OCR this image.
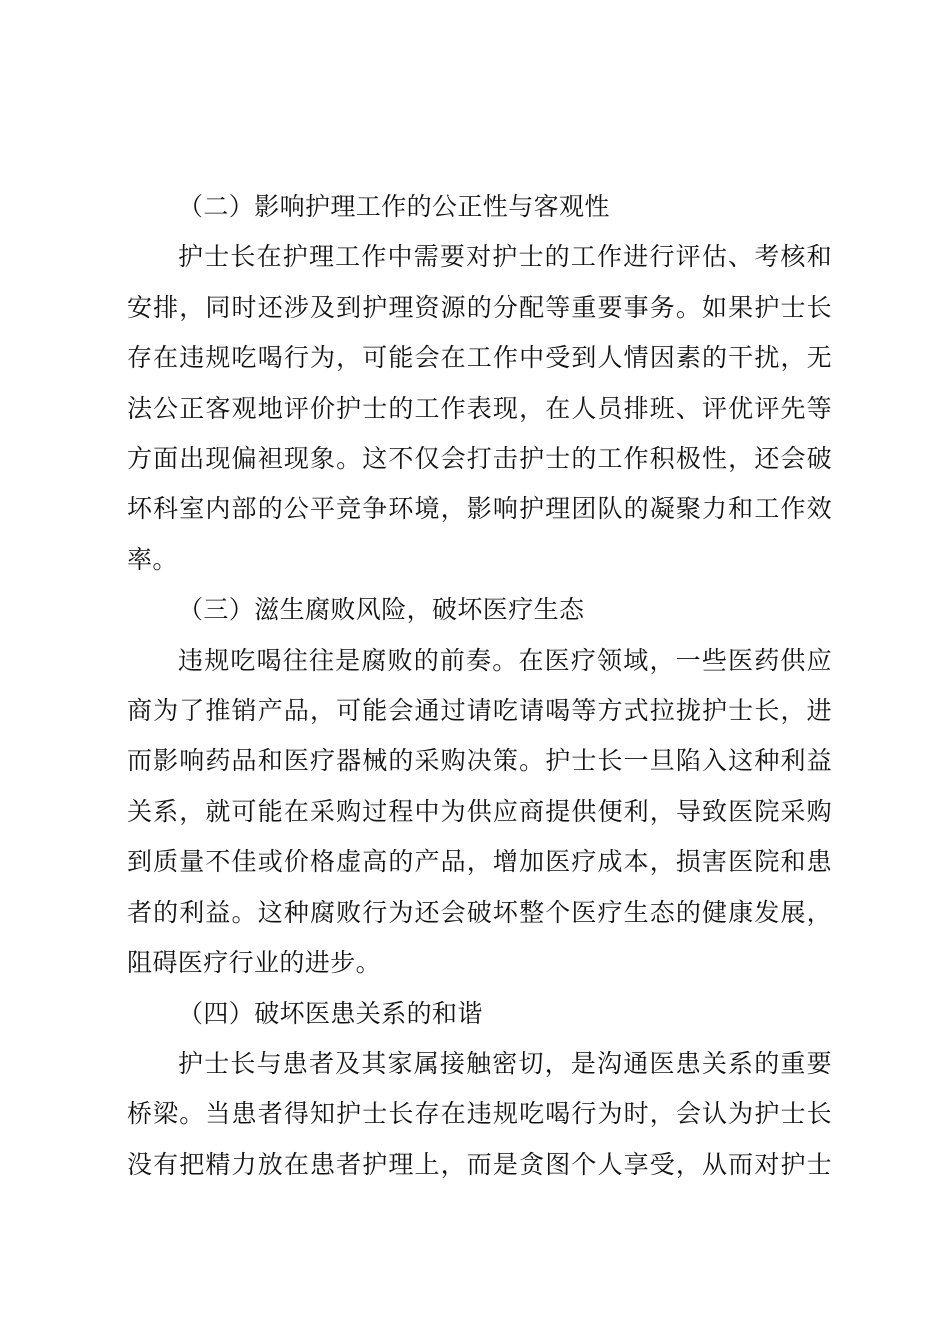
（二）影响护理工作的公正性与客观性

护士长在护理工作中需要对护士的工作进行评估、考核和

安排，同时还涉及到护理资源的分配等重要事务。如果护士长

存在违规吃喝行为，可能会在工作中受到人情因素的干扰，无

法公正客观地评价护士的工作表现，在人员排班、评优评先等

方面出现偏袒现象。这不仅会打击护士的工作积极性，还会破

坏科室内部的公平竞争环境，影响护理团队的凝聚力和工作效

率。

（三）滋生腐败风险，破坏医疗生态

违规吃喝往往是腐败的前奏。在医疗领域，一些医药供应

商为了推销产品，可能会通过请吃请喝等方式拉拢护士长，进

而影响药品和医疗器械的采购决策。护士长一旦陷入这种利益

关系，就可能在采购过程中为供应商提供便利，导致医院采购

到质量不佳或价格虚高的产品，增加医疗成本，损害医院和患

者的利益。这种腐败行为还会破坏整个医疗生态的健康发展，

阻碍医疗行业的进步。

（四）破坏医患关系的和谐

护士长与患者及其家属接触密切，是沟通医患关系的重要

桥梁。当患者得知护士长存在违规吃喝行为时，会认为护士长

没有把精力放在患者护理上，而是贪图个人享受，从而对护士
